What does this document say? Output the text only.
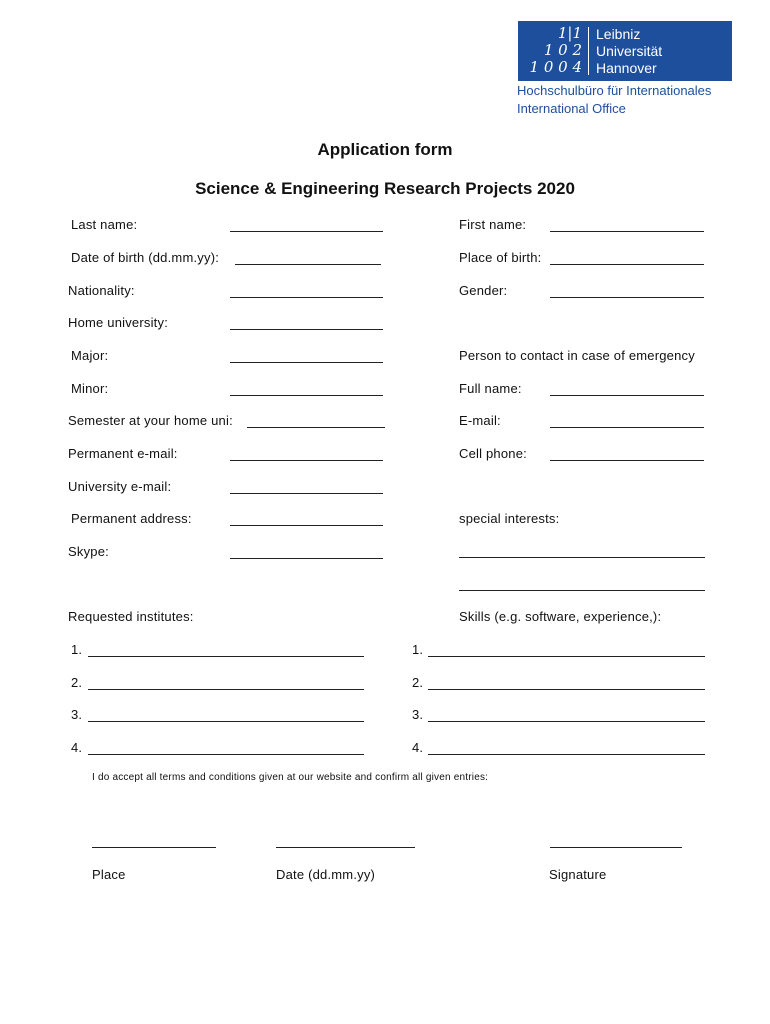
1|1
1 0 2
1 0 0 4
Leibniz
Universität
Hannover
Hochschulbüro für Internationales
International Office
Application form
Science & Engineering Research Projects 2020
Last name:
Date of birth (dd.mm.yy):
Nationality:
Home university:
Major:
Minor:
Semester at your home uni:
Permanent e-mail:
University e-mail:
Permanent address:
Skype:
First name:
Place of birth:
Gender:
Person to contact in case of emergency
Full name:
E-mail:
Cell phone:
special interests:
Requested institutes:
1.
2.
3.
4.
Skills (e.g. software, experience,):
1.
2.
3.
4.
I do accept all terms and conditions given at our website and confirm all given entries:
Place	Date (dd.mm.yy)	Signature
